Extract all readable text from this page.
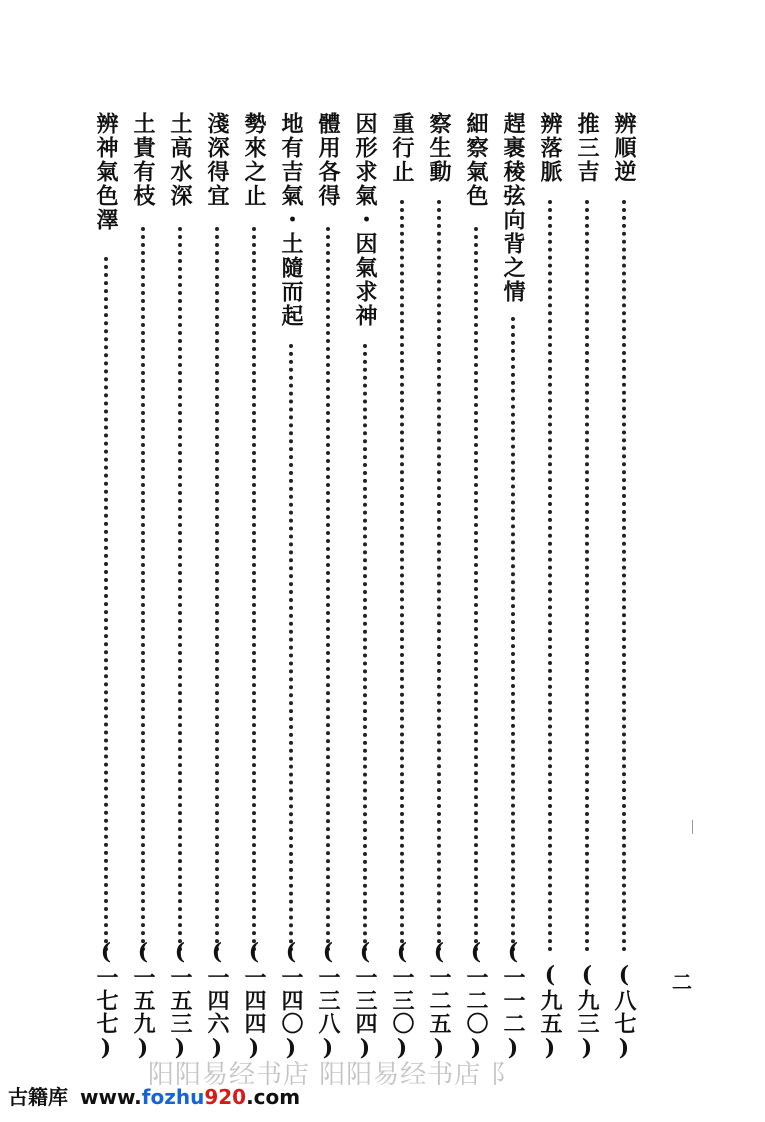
辨順逆
(八七)
推三吉
(九三)
辨落脈
(九五)
趕裹稜弦向背之情
(一一二)
細察氣色
(一二〇)
察生動
(一二五)
重行止
(一三〇)
因形求氣・因氣求神
(一三四)
體用各得
(一三八)
地有吉氣・土隨而起
(一四〇)
勢來之止
(一四四)
淺深得宜
(一四六)
土高水深
(一五三)
土貴有枝
(一五九)
辨神氣色澤
(一七七)	二
阳阳易经书店 阳阳易经书店 阝
古籍库 www.fozhu920.com
